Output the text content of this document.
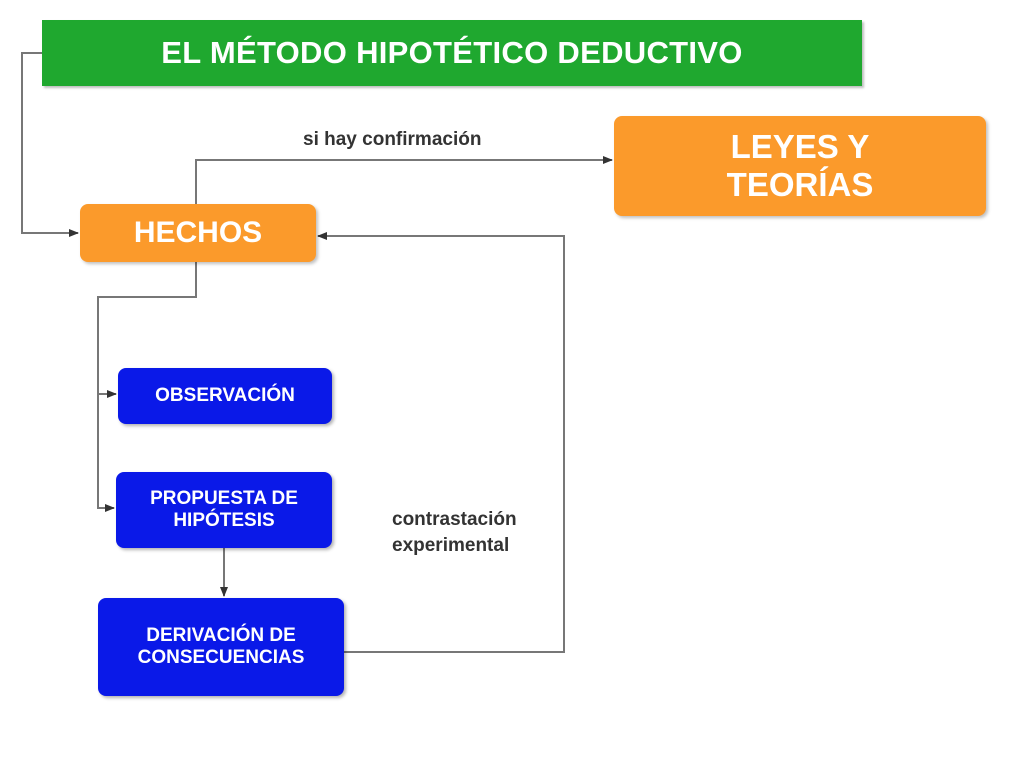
EL MÉTODO HIPOTÉTICO DEDUCTIVO
HECHOS
LEYES Y
TEORÍAS
OBSERVACIÓN
PROPUESTA DE
HIPÓTESIS
DERIVACIÓN DE
CONSECUENCIAS
si hay confirmación
contrastación
experimental
